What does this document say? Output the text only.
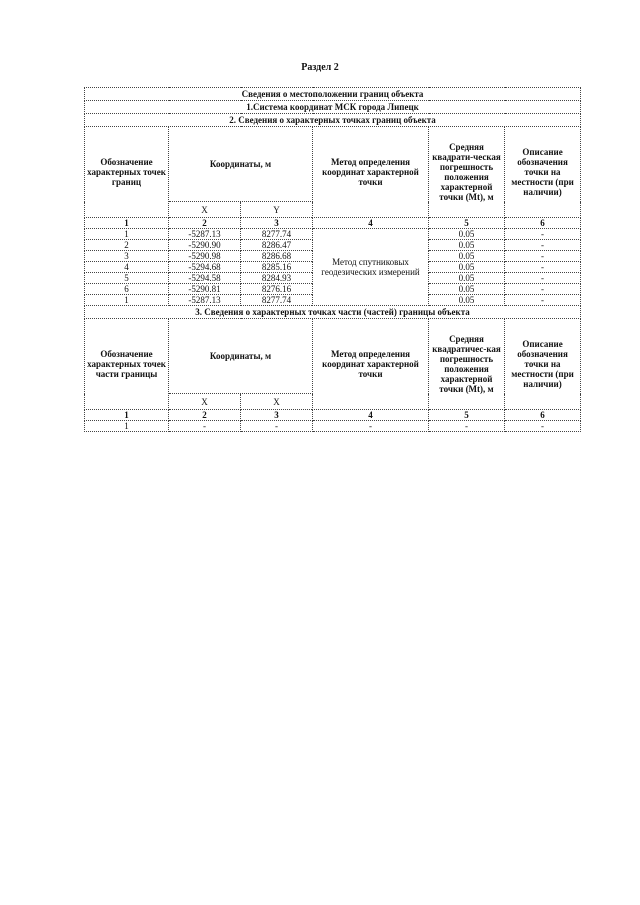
Раздел 2
Сведения о местоположении границ объекта					
1.Система координат МСК города Липецк					
2. Сведения о характерных точках границ объекта					
Обозначение характерных точек границ	Координаты, м		Метод определения координат характерной точки	Средняя квадрати-ческая погрешность положения характерной точки (Mt), м	Описание обозначения точки на местности (при наличии)
	X	Y			
1	2	3	4	5	6
1	-5287.13	8277.74	Метод спутниковых геодезических измерений	0.05	-
2	-5290.90	8286.47		0.05	-
3	-5290.98	8286.68		0.05	-
4	-5294.68	8285.16		0.05	-
5	-5294.58	8284.93		0.05	-
6	-5290.81	8276.16		0.05	-
1	-5287.13	8277.74		0.05	-
3. Сведения о характерных точках части (частей) границы объекта					
Обозначение характерных точек части границы	Координаты, м		Метод определения координат характерной точки	Средняя квадратичес-кая погрешность положения характерной точки (Mt), м	Описание обозначения точки на местности (при наличии)
	X	X			
1	2	3	4	5	6
1	-	-	-	-	-
